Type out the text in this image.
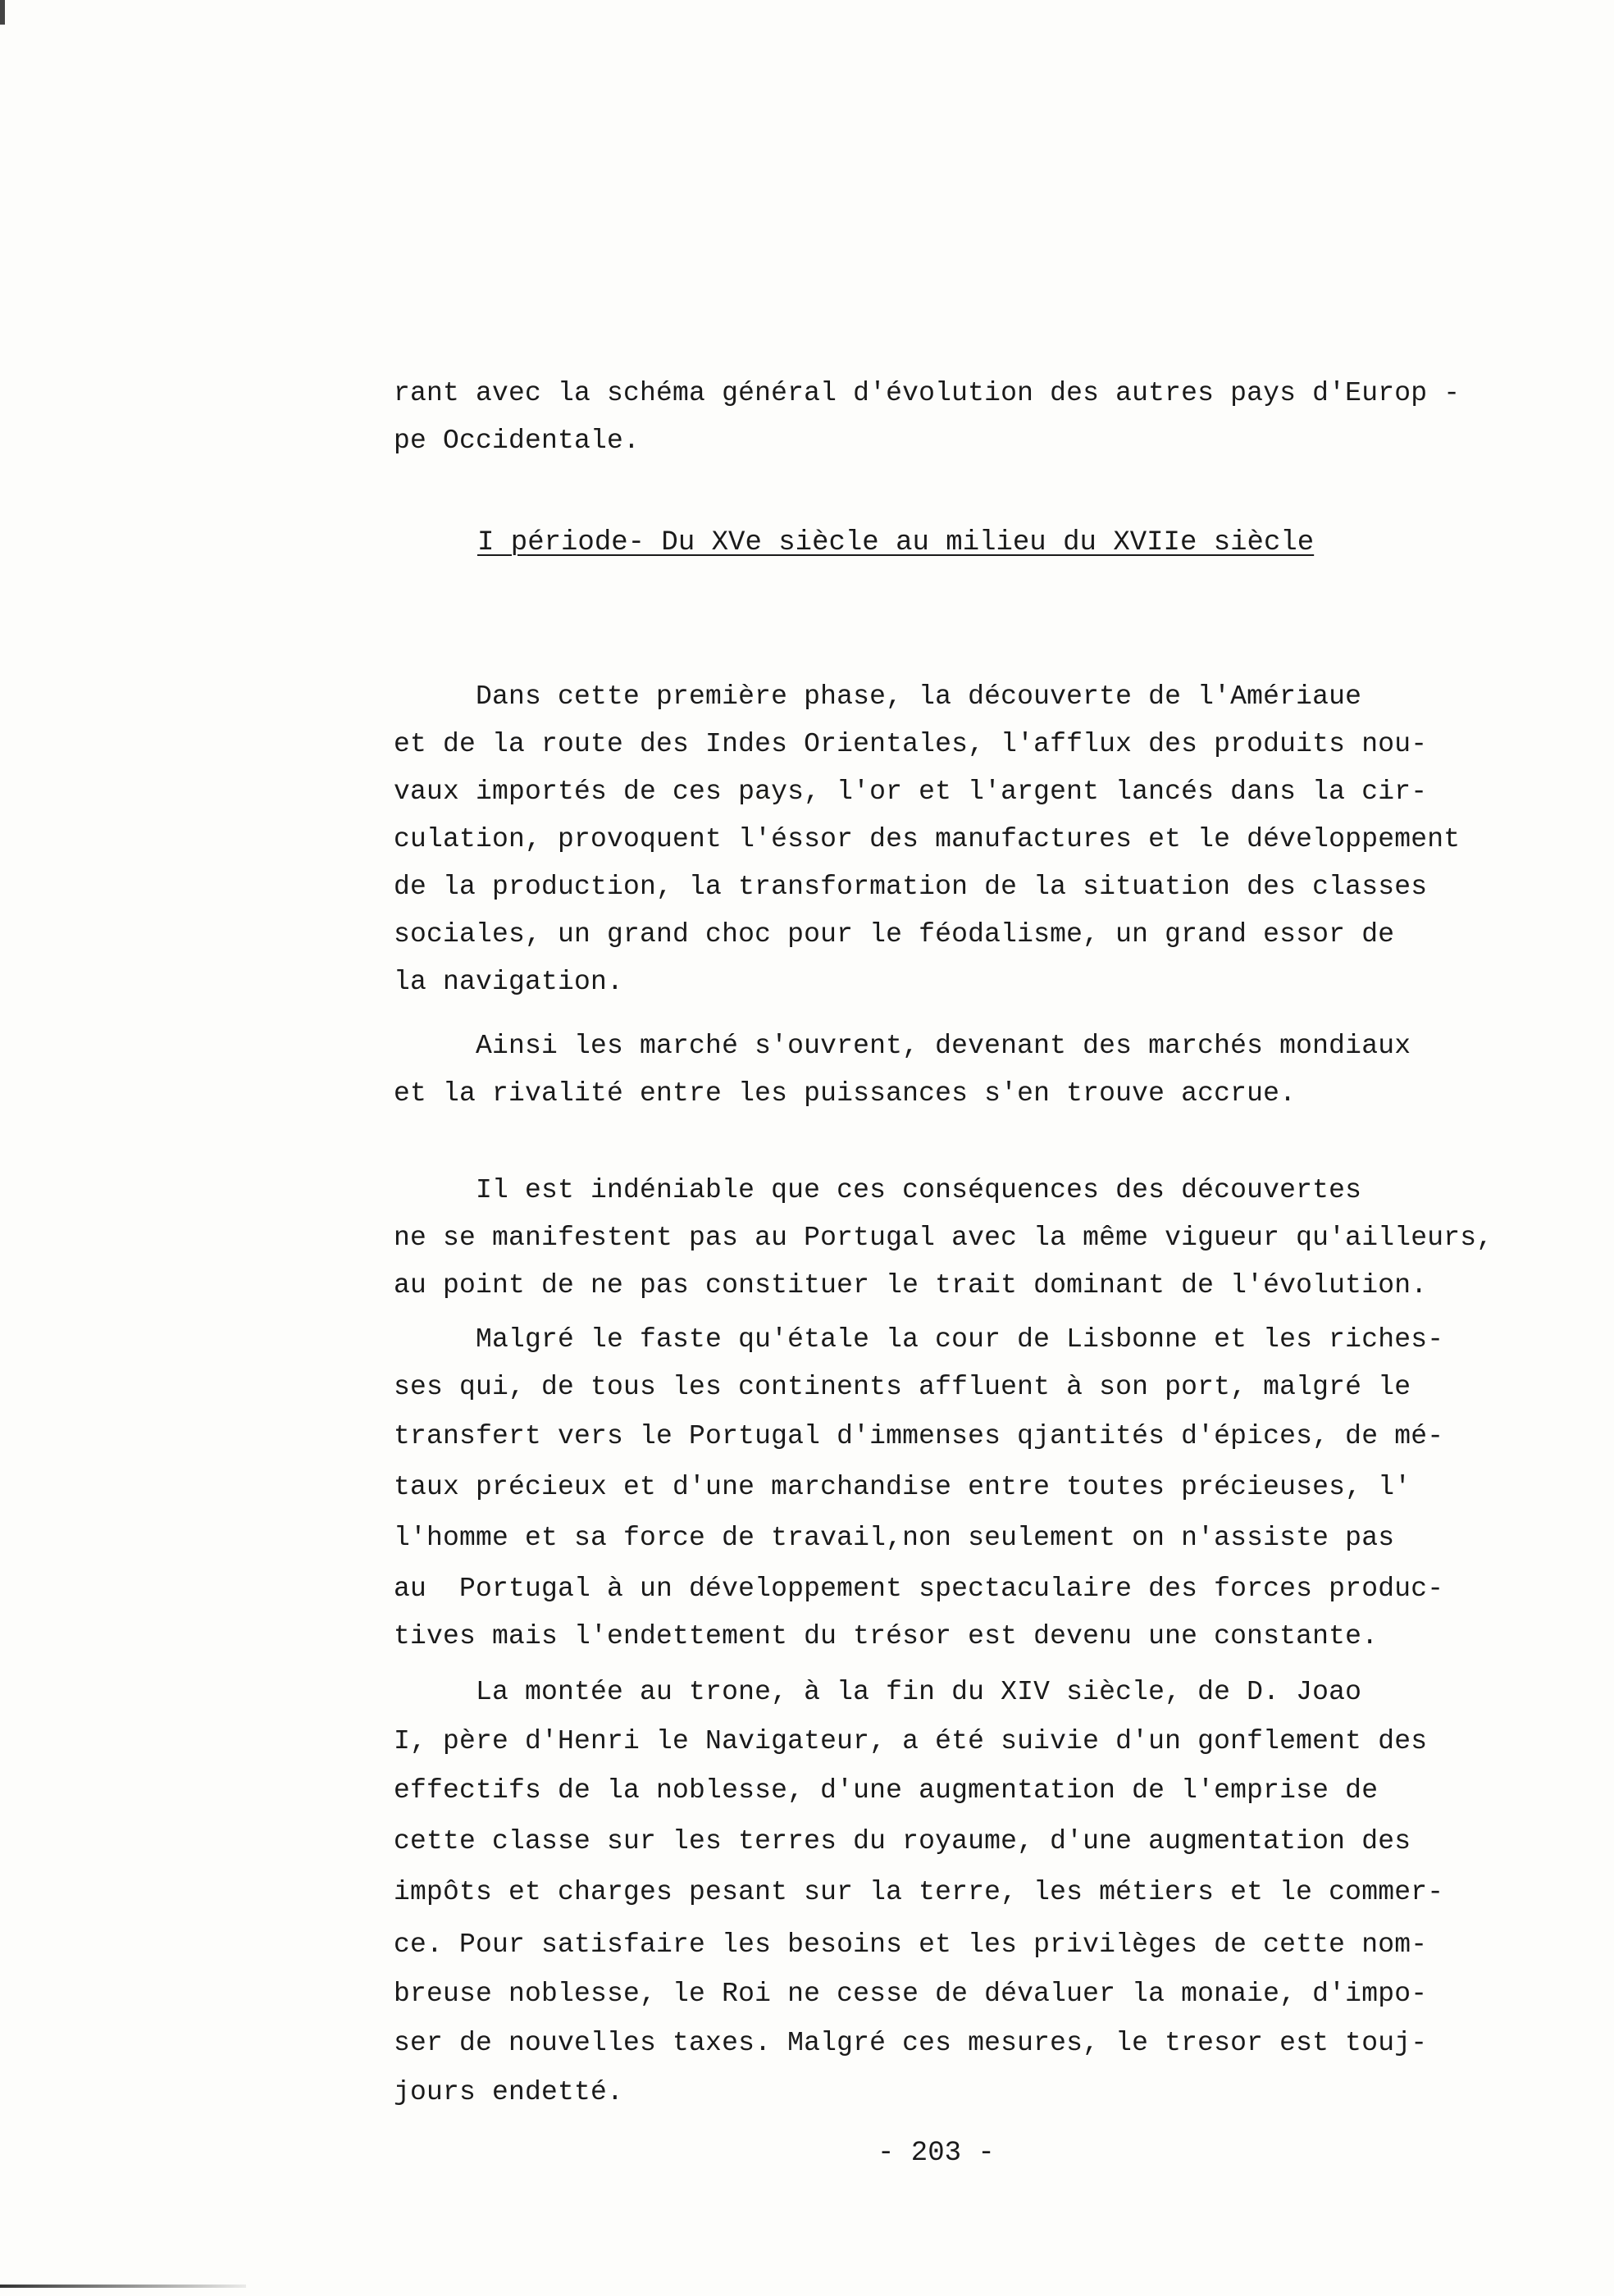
rant avec la schéma général d'évolution des autres pays d'Europ -
pe Occidentale.
I période- Du XVe siècle au milieu du XVIIe siècle
Dans cette première phase, la découverte de l'Amériaue
et de la route des Indes Orientales, l'afflux des produits nou-
vaux importés de ces pays, l'or et l'argent lancés dans la cir-
culation, provoquent l'éssor des manufactures et le développement
de la production, la transformation de la situation des classes
sociales, un grand choc pour le féodalisme, un grand essor de
la navigation.
Ainsi les marché s'ouvrent, devenant des marchés mondiaux
et la rivalité entre les puissances s'en trouve accrue.
Il est indéniable que ces conséquences des découvertes
ne se manifestent pas au Portugal avec la même vigueur qu'ailleurs,
au point de ne pas constituer le trait dominant de l'évolution.
Malgré le faste qu'étale la cour de Lisbonne et les riches-
ses qui, de tous les continents affluent à son port, malgré le
transfert vers le Portugal d'immenses qjantités d'épices, de mé-
taux précieux et d'une marchandise entre toutes précieuses, l'
l'homme et sa force de travail,non seulement on n'assiste pas
au  Portugal à un développement spectaculaire des forces produc-
tives mais l'endettement du trésor est devenu une constante.
La montée au trone, à la fin du XIV siècle, de D. Joao
I, père d'Henri le Navigateur, a été suivie d'un gonflement des
effectifs de la noblesse, d'une augmentation de l'emprise de
cette classe sur les terres du royaume, d'une augmentation des
impôts et charges pesant sur la terre, les métiers et le commer-
ce. Pour satisfaire les besoins et les privilèges de cette nom-
breuse noblesse, le Roi ne cesse de dévaluer la monaie, d'impo-
ser de nouvelles taxes. Malgré ces mesures, le tresor est touj-
jours endetté.
- 203 -
